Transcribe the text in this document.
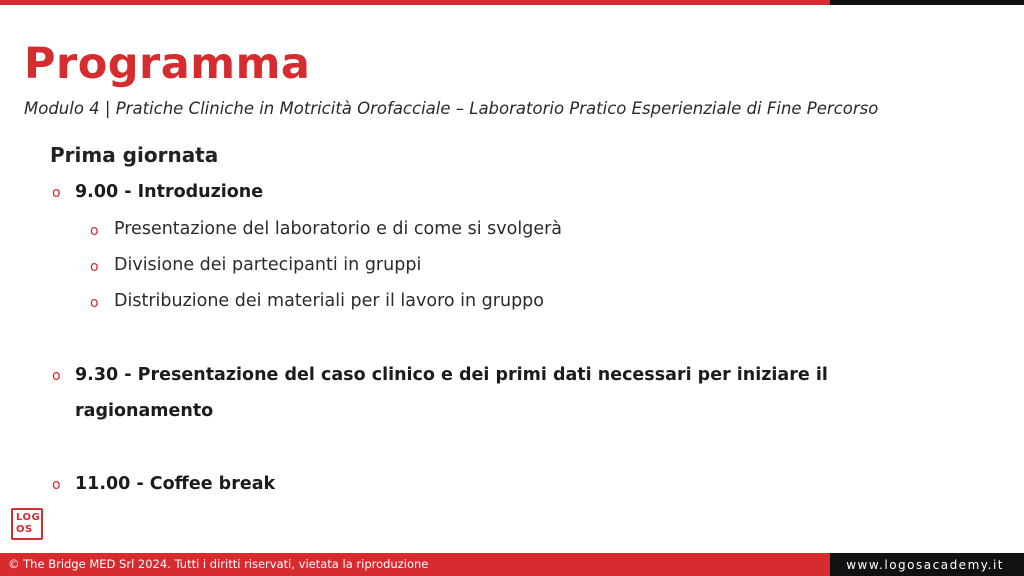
Programma
Modulo 4 | Pratiche Cliniche in Motricità Orofacciale – Laboratorio Pratico Esperienziale di Fine Percorso
Prima giornata
o 9.00 - Introduzione
o Presentazione del laboratorio e di come si svolgerà
o Divisione dei partecipanti in gruppi
o Distribuzione dei materiali per il lavoro in gruppo
o 9.30 - Presentazione del caso clinico e dei primi dati necessari per iniziare il
ragionamento
o 11.00 - Coffee break
LOG
OS
© The Bridge MED Srl 2024. Tutti i diritti riservati, vietata la riproduzione	www.logosacademy.it
